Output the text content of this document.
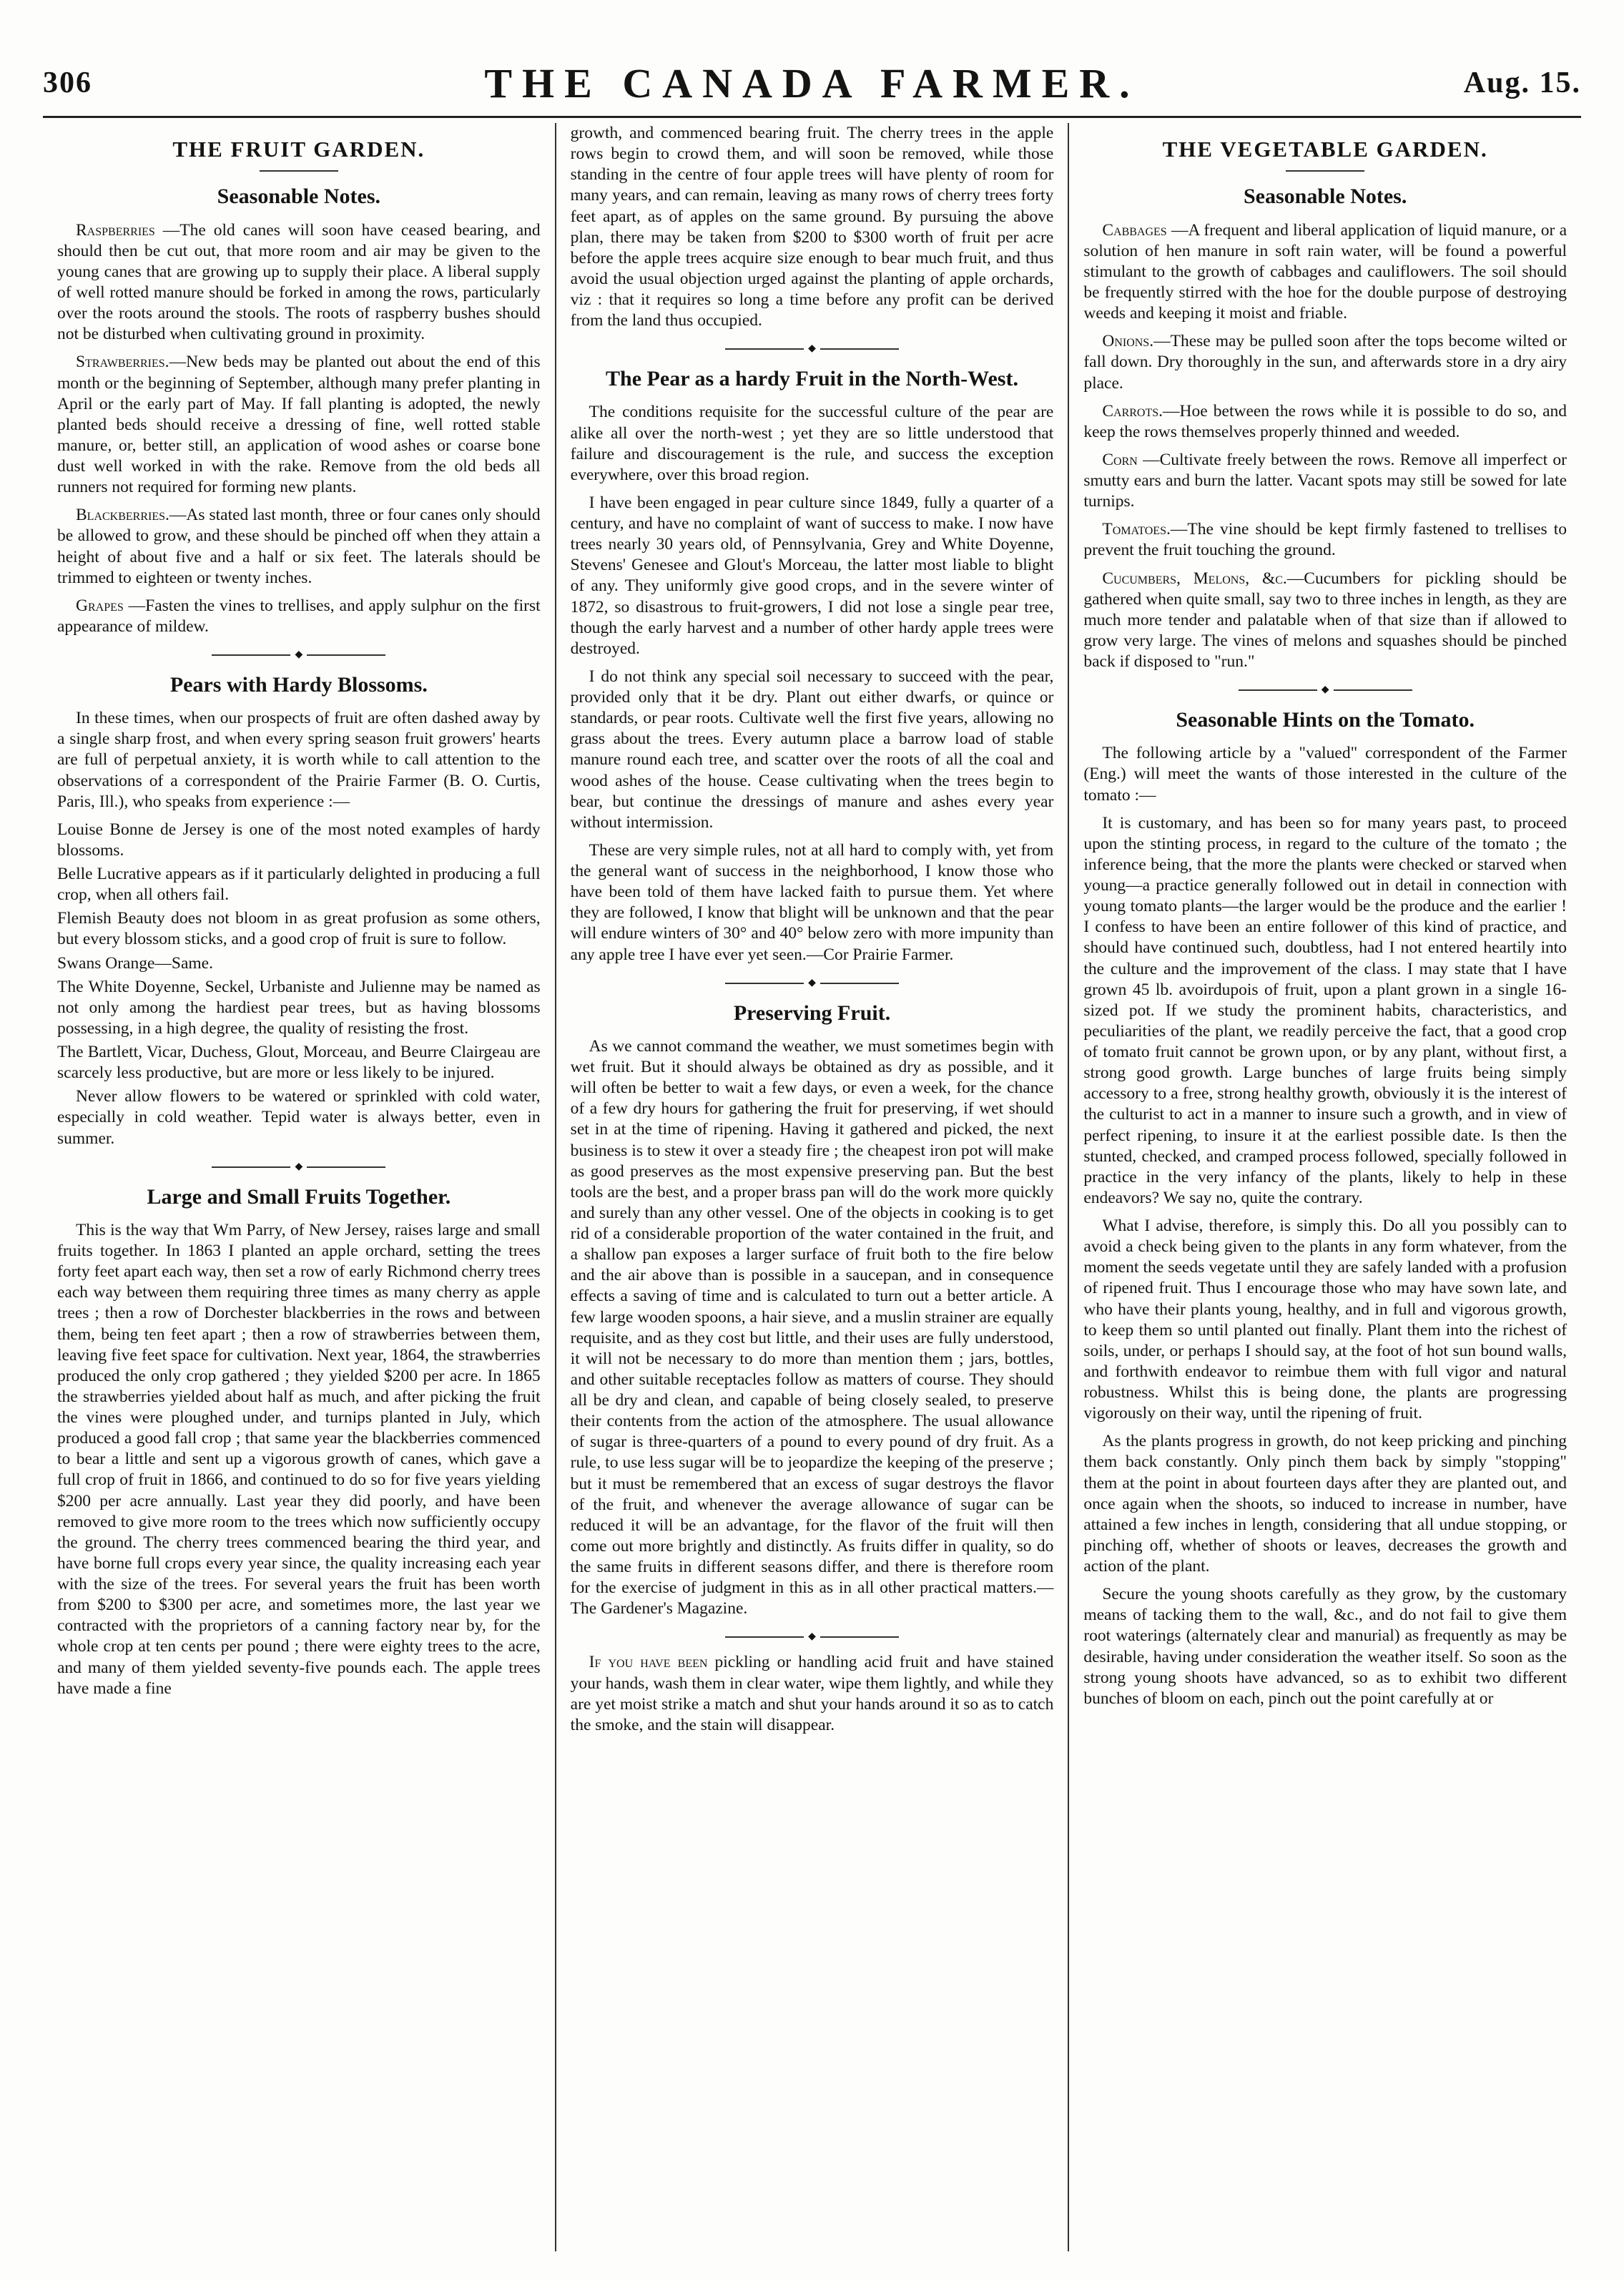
306	THE CANADA FARMER.	Aug. 15.
THE FRUIT GARDEN.
Seasonable Notes.

Raspberries —The old canes will soon have ceased bearing, and should then be cut out, that more room and air may be given to the young canes that are growing up to supply their place. A liberal supply of well rotted manure should be forked in among the rows, particularly over the roots around the stools. The roots of raspberry bushes should not be disturbed when cultivating ground in proximity.

Strawberries.—New beds may be planted out about the end of this month or the beginning of September, although many prefer planting in April or the early part of May. If fall planting is adopted, the newly planted beds should receive a dressing of fine, well rotted stable manure, or, better still, an application of wood ashes or coarse bone dust well worked in with the rake. Remove from the old beds all runners not required for forming new plants.

Blackberries.—As stated last month, three or four canes only should be allowed to grow, and these should be pinched off when they attain a height of about five and a half or six feet. The laterals should be trimmed to eighteen or twenty inches.

Grapes —Fasten the vines to trellises, and apply sulphur on the first appearance of mildew.

◆
Pears with Hardy Blossoms.

In these times, when our prospects of fruit are often dashed away by a single sharp frost, and when every spring season fruit growers' hearts are full of perpetual anxiety, it is worth while to call attention to the observations of a correspondent of the Prairie Farmer (B. O. Curtis, Paris, Ill.), who speaks from experience :—

Louise Bonne de Jersey is one of the most noted examples of hardy blossoms.

Belle Lucrative appears as if it particularly delighted in producing a full crop, when all others fail.

Flemish Beauty does not bloom in as great profusion as some others, but every blossom sticks, and a good crop of fruit is sure to follow.

Swans Orange—Same.

The White Doyenne, Seckel, Urbaniste and Julienne may be named as not only among the hardiest pear trees, but as having blossoms possessing, in a high degree, the quality of resisting the frost.

The Bartlett, Vicar, Duchess, Glout, Morceau, and Beurre Clairgeau are scarcely less productive, but are more or less likely to be injured.

Never allow flowers to be watered or sprinkled with cold water, especially in cold weather. Tepid water is always better, even in summer.

◆
Large and Small Fruits Together.

This is the way that Wm Parry, of New Jersey, raises large and small fruits together. In 1863 I planted an apple orchard, setting the trees forty feet apart each way, then set a row of early Richmond cherry trees each way between them requiring three times as many cherry as apple trees ; then a row of Dorchester blackberries in the rows and between them, being ten feet apart ; then a row of strawberries between them, leaving five feet space for cultivation. Next year, 1864, the strawberries produced the only crop gathered ; they yielded $200 per acre. In 1865 the strawberries yielded about half as much, and after picking the fruit the vines were ploughed under, and turnips planted in July, which produced a good fall crop ; that same year the blackberries commenced to bear a little and sent up a vigorous growth of canes, which gave a full crop of fruit in 1866, and continued to do so for five years yielding $200 per acre annually. Last year they did poorly, and have been removed to give more room to the trees which now sufficiently occupy the ground. The cherry trees commenced bearing the third year, and have borne full crops every year since, the quality increasing each year with the size of the trees. For several years the fruit has been worth from $200 to $300 per acre, and sometimes more, the last year we contracted with the proprietors of a canning factory near by, for the whole crop at ten cents per pound ; there were eighty trees to the acre, and many of them yielded seventy-five pounds each. The apple trees have made a fine

growth, and commenced bearing fruit. The cherry trees in the apple rows begin to crowd them, and will soon be removed, while those standing in the centre of four apple trees will have plenty of room for many years, and can remain, leaving as many rows of cherry trees forty feet apart, as of apples on the same ground. By pursuing the above plan, there may be taken from $200 to $300 worth of fruit per acre before the apple trees acquire size enough to bear much fruit, and thus avoid the usual objection urged against the planting of apple orchards, viz : that it requires so long a time before any profit can be derived from the land thus occupied.

◆
The Pear as a hardy Fruit in the North-West.

The conditions requisite for the successful culture of the pear are alike all over the north-west ; yet they are so little understood that failure and discouragement is the rule, and success the exception everywhere, over this broad region.

I have been engaged in pear culture since 1849, fully a quarter of a century, and have no complaint of want of success to make. I now have trees nearly 30 years old, of Pennsylvania, Grey and White Doyenne, Stevens' Genesee and Glout's Morceau, the latter most liable to blight of any. They uniformly give good crops, and in the severe winter of 1872, so disastrous to fruit-growers, I did not lose a single pear tree, though the early harvest and a number of other hardy apple trees were destroyed.

I do not think any special soil necessary to succeed with the pear, provided only that it be dry. Plant out either dwarfs, or quince or standards, or pear roots. Cultivate well the first five years, allowing no grass about the trees. Every autumn place a barrow load of stable manure round each tree, and scatter over the roots of all the coal and wood ashes of the house. Cease cultivating when the trees begin to bear, but continue the dressings of manure and ashes every year without intermission.

These are very simple rules, not at all hard to comply with, yet from the general want of success in the neighborhood, I know those who have been told of them have lacked faith to pursue them. Yet where they are followed, I know that blight will be unknown and that the pear will endure winters of 30° and 40° below zero with more impunity than any apple tree I have ever yet seen.—Cor Prairie Farmer.

◆
Preserving Fruit.

As we cannot command the weather, we must sometimes begin with wet fruit. But it should always be obtained as dry as possible, and it will often be better to wait a few days, or even a week, for the chance of a few dry hours for gathering the fruit for preserving, if wet should set in at the time of ripening. Having it gathered and picked, the next business is to stew it over a steady fire ; the cheapest iron pot will make as good preserves as the most expensive preserving pan. But the best tools are the best, and a proper brass pan will do the work more quickly and surely than any other vessel. One of the objects in cooking is to get rid of a considerable proportion of the water contained in the fruit, and a shallow pan exposes a larger surface of fruit both to the fire below and the air above than is possible in a saucepan, and in consequence effects a saving of time and is calculated to turn out a better article. A few large wooden spoons, a hair sieve, and a muslin strainer are equally requisite, and as they cost but little, and their uses are fully understood, it will not be necessary to do more than mention them ; jars, bottles, and other suitable receptacles follow as matters of course. They should all be dry and clean, and capable of being closely sealed, to preserve their contents from the action of the atmosphere. The usual allowance of sugar is three-quarters of a pound to every pound of dry fruit. As a rule, to use less sugar will be to jeopardize the keeping of the preserve ; but it must be remembered that an excess of sugar destroys the flavor of the fruit, and whenever the average allowance of sugar can be reduced it will be an advantage, for the flavor of the fruit will then come out more brightly and distinctly. As fruits differ in quality, so do the same fruits in different seasons differ, and there is therefore room for the exercise of judgment in this as in all other practical matters.—The Gardener's Magazine.

◆

If you have been pickling or handling acid fruit and have stained your hands, wash them in clear water, wipe them lightly, and while they are yet moist strike a match and shut your hands around it so as to catch the smoke, and the stain will disappear.

THE VEGETABLE GARDEN.
Seasonable Notes.

Cabbages —A frequent and liberal application of liquid manure, or a solution of hen manure in soft rain water, will be found a powerful stimulant to the growth of cabbages and cauliflowers. The soil should be frequently stirred with the hoe for the double purpose of destroying weeds and keeping it moist and friable.

Onions.—These may be pulled soon after the tops become wilted or fall down. Dry thoroughly in the sun, and afterwards store in a dry airy place.

Carrots.—Hoe between the rows while it is possible to do so, and keep the rows themselves properly thinned and weeded.

Corn —Cultivate freely between the rows. Remove all imperfect or smutty ears and burn the latter. Vacant spots may still be sowed for late turnips.

Tomatoes.—The vine should be kept firmly fastened to trellises to prevent the fruit touching the ground.

Cucumbers, Melons, &c.—Cucumbers for pickling should be gathered when quite small, say two to three inches in length, as they are much more tender and palatable when of that size than if allowed to grow very large. The vines of melons and squashes should be pinched back if disposed to "run."

◆
Seasonable Hints on the Tomato.

The following article by a "valued" correspondent of the Farmer (Eng.) will meet the wants of those interested in the culture of the tomato :—

It is customary, and has been so for many years past, to proceed upon the stinting process, in regard to the culture of the tomato ; the inference being, that the more the plants were checked or starved when young—a practice generally followed out in detail in connection with young tomato plants—the larger would be the produce and the earlier ! I confess to have been an entire follower of this kind of practice, and should have continued such, doubtless, had I not entered heartily into the culture and the improvement of the class. I may state that I have grown 45 lb. avoirdupois of fruit, upon a plant grown in a single 16-sized pot. If we study the prominent habits, characteristics, and peculiarities of the plant, we readily perceive the fact, that a good crop of tomato fruit cannot be grown upon, or by any plant, without first, a strong good growth. Large bunches of large fruits being simply accessory to a free, strong healthy growth, obviously it is the interest of the culturist to act in a manner to insure such a growth, and in view of perfect ripening, to insure it at the earliest possible date. Is then the stunted, checked, and cramped process followed, specially followed in practice in the very infancy of the plants, likely to help in these endeavors? We say no, quite the contrary.

What I advise, therefore, is simply this. Do all you possibly can to avoid a check being given to the plants in any form whatever, from the moment the seeds vegetate until they are safely landed with a profusion of ripened fruit. Thus I encourage those who may have sown late, and who have their plants young, healthy, and in full and vigorous growth, to keep them so until planted out finally. Plant them into the richest of soils, under, or perhaps I should say, at the foot of hot sun bound walls, and forthwith endeavor to reimbue them with full vigor and natural robustness. Whilst this is being done, the plants are progressing vigorously on their way, until the ripening of fruit.

As the plants progress in growth, do not keep pricking and pinching them back constantly. Only pinch them back by simply "stopping" them at the point in about fourteen days after they are planted out, and once again when the shoots, so induced to increase in number, have attained a few inches in length, considering that all undue stopping, or pinching off, whether of shoots or leaves, decreases the growth and action of the plant.

Secure the young shoots carefully as they grow, by the customary means of tacking them to the wall, &c., and do not fail to give them root waterings (alternately clear and manurial) as frequently as may be desirable, having under consideration the weather itself. So soon as the strong young shoots have advanced, so as to exhibit two different bunches of bloom on each, pinch out the point carefully at or
